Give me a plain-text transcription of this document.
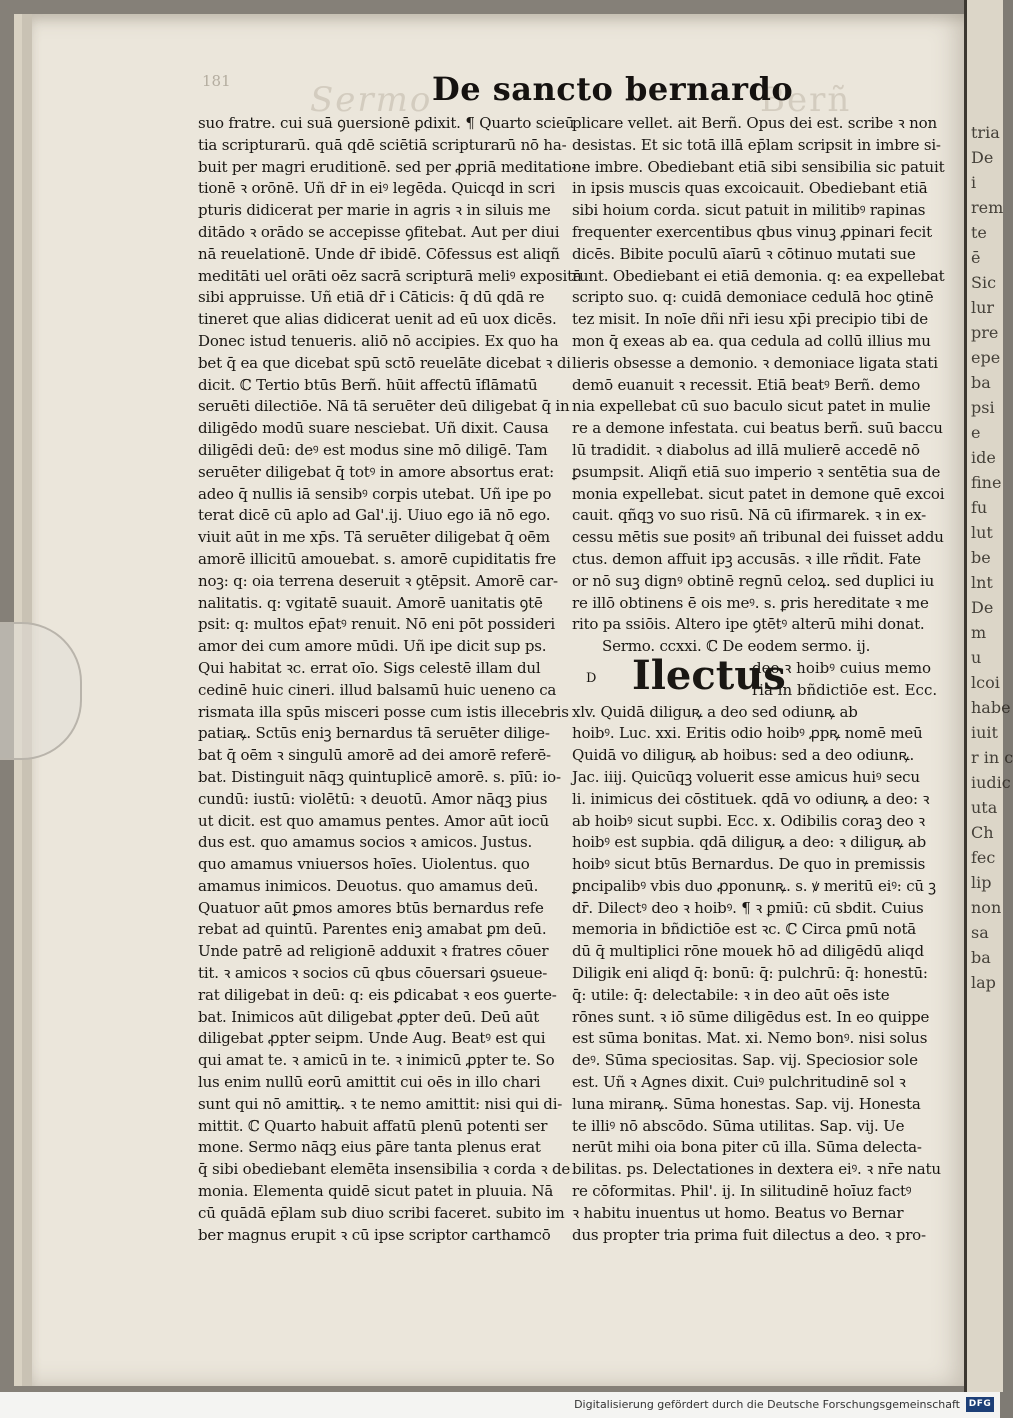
Sermo	Berñ
181	De sancto bernardo
suo fratre. cui suā ꝯuersionē ꝑdixit. ¶ Quarto scieū
tia scripturarū. quā qdē sciētiā scripturarū nō ha-
buit per magri eruditionē. sed per ꝓpriā meditatio-
tionē ꝛ orōnē. Uñ dr̄ in eiꝰ legēda. Quicqd in scri
pturis didicerat per marie in agris ꝛ in siluis me
ditādo ꝛ orādo se accepisse ꝯfitebat. Aut per diui
nā reuelationē. Unde dr̄ ibidē. Cōfessus est aliqñ
meditāti uel orāti oēz sacrā scripturā meliꝰ expositā
sibi appruisse. Uñ etiā dr̄ i Cāticis: q̄ dū qdā re
tineret que alias didicerat uenit ad eū uox dicēs.
Donec istud tenueris. aliō nō accipies. Ex quo ha
bet q̄ ea que dicebat spū sctō reuelāte dicebat ꝛ di
dicit. ℂ Tertio btūs Berñ. hūit affectū īflāmatū
seruēti dilectiōe. Nā tā seruēter deū diligebat q̄ in
diligēdo modū suare nesciebat. Uñ dixit. Causa
diligēdi deū: deꝰ est modus sine mō diligē. Tam
seruēter diligebat q̄ totꝰ in amore absortus erat:
adeo q̄ nullis iā sensibꝰ corpis utebat. Uñ ipe po
terat dicē cū aplo ad Gal'.ij. Uiuo ego iā nō ego.
viuit aūt in me xp̄s. Tā seruēter diligebat q̄ oēm
amorē illicitū amouebat. s. amorē cupiditatis fre
noꝫ: q: oia terrena deseruit ꝛ ꝯtēpsit. Amorē car-
nalitatis. q: vgitatē suauit. Amorē uanitatis ꝯtē
psit: q: multos ep̄atꝰ renuit. Nō eni pōt possideri
amor dei cum amore mūdi. Uñ ipe dicit sup ps.
Qui habitat ꝛc. errat oīo. Sigs celestē illam dul
cedinē huic cineri. illud balsamū huic ueneno ca
rismata illa spūs misceri posse cum istis illecebris
patiaꝶ. Sctūs eniꝫ bernardus tā seruēter dilige-
bat q̄ oēm ꝛ singulū amorē ad dei amorē referē-
bat. Distinguit nāqꝫ quintuplicē amorē. s. pīū: io-
cundū: iustū: violētū: ꝛ deuotū. Amor nāqꝫ pius
ut dicit. est quo amamus pentes. Amor aūt iocū
dus est. quo amamus socios ꝛ amicos. Justus.
quo amamus vniuersos hoīes. Uiolentus. quo
amamus inimicos. Deuotus. quo amamus deū.
Quatuor aūt ꝑmos amores btūs bernardus refe
rebat ad quintū. Parentes eniꝫ amabat ꝑm deū.
Unde patrē ad religionē adduxit ꝛ fratres cōuer
tit. ꝛ amicos ꝛ socios cū qbus cōuersari ꝯsueue-
rat diligebat in deū: q: eis ꝑdicabat ꝛ eos ꝯuerte-
bat. Inimicos aūt diligebat ꝓpter deū. Deū aūt
diligebat ꝓpter seipm. Unde Aug. Beatꝰ est qui
qui amat te. ꝛ amicū in te. ꝛ inimicū ꝓpter te. So
lus enim nullū eorū amittit cui oēs in illo chari
sunt qui nō amittiꝶ. ꝛ te nemo amittit: nisi qui di-
mittit. ℂ Quarto habuit affatū plenū potenti ser
mone. Sermo nāqꝫ eius ꝑāre tanta plenus erat
q̄ sibi obediebant elemēta insensibilia ꝛ corda ꝛ de
monia. Elementa quidē sicut patet in pluuia. Nā
cū quādā ep̄lam sub diuo scribi faceret. subito im
ber magnus erupit ꝛ cū ipse scriptor carthamcō
plicare vellet. ait Berñ. Opus dei est. scribe ꝛ non
desistas. Et sic totā illā ep̄lam scripsit in imbre si-
ne imbre. Obediebant etiā sibi sensibilia sic patuit
in ipsis muscis quas excoicauit. Obediebant etiā
sibi hoium corda. sicut patuit in militibꝰ rapinas
frequenter exercentibus qbus vinuꝫ ꝓpinari fecit
dicēs. Bibite poculū aīarū ꝛ cōtinuo mutati sue
runt. Obediebant ei etiā demonia. q: ea expellebat
scripto suo. q: cuidā demoniace cedulā hoc ꝯtinē
tez misit. In noīe dñi nr̄i iesu xp̄i precipio tibi de
mon q̄ exeas ab ea. qua cedula ad collū illius mu
lieris obsesse a demonio. ꝛ demoniace ligata stati
demō euanuit ꝛ recessit. Etiā beatꝰ Berñ. demo
nia expellebat cū suo baculo sicut patet in mulie
re a demone infestata. cui beatus berñ. suū baccu
lū tradidit. ꝛ diabolus ad illā mulierē accedē nō
ꝑsumpsit. Aliqñ etiā suo imperio ꝛ sentētia sua de
monia expellebat. sicut patet in demone quē excoi
cauit. qñqꝫ vo suo risū. Nā cū ifirmarek. ꝛ in ex-
cessu mētis sue positꝰ añ tribunal dei fuisset addu
ctus. demon affuit ipꝫ accusās. ꝛ ille rñdit. Fate
or nō suꝫ dignꝰ obtinē regnū celoꝝ. sed duplici iu
re illō obtinens ē ois meꝰ. s. ꝑris hereditate ꝛ me
rito pa ssiōis. Altero ipe ꝯtētꝰ alterū mihi donat.
Sermo. ccxxi. ℂ De eodem sermo. ij.
D Ilectus
deo ꝛ hoibꝰ cuius memo
ria in bñdictiōe est. Ecc.
xlv. Quidā diliguꝶ a deo sed odiunꝶ ab
hoibꝰ. Luc. xxi. Eritis odio hoibꝰ ꝓpꝶ nomē meū
Quidā vo diliguꝶ ab hoibus: sed a deo odiunꝶ.
Jac. iiij. Quicūqꝫ voluerit esse amicus huiꝰ secu
li. inimicus dei cōstituek. qdā vo odiunꝶ a deo: ꝛ
ab hoibꝰ sicut supbi. Ecc. x. Odibilis coraꝫ deo ꝛ
hoibꝰ est supbia. qdā diliguꝶ a deo: ꝛ diliguꝶ ab
hoibꝰ sicut btūs Bernardus. De quo in premissis
ꝑncipalibꝰ vbis duo ꝓponunꝶ. s. ꝟ meritū eiꝰ: cū ꝫ
dr̄. Dilectꝰ deo ꝛ hoibꝰ. ¶ ꝛ ꝑmiū: cū sbdit. Cuius
memoria in bñdictiōe est ꝛc. ℂ Circa ꝑmū notā
dū q̄ multiplici rōne mouek hō ad diligēdū aliqd
Diligik eni aliqd q̄: bonū: q̄: pulchrū: q̄: honestū:
q̄: utile: q̄: delectabile: ꝛ in deo aūt oēs iste
rōnes sunt. ꝛ iō sūme diligēdus est. In eo quippe
est sūma bonitas. Mat. xi. Nemo bonꝰ. nisi solus
deꝰ. Sūma speciositas. Sap. vij. Speciosior sole
est. Uñ ꝛ Agnes dixit. Cuiꝰ pulchritudinē sol ꝛ
luna miranꝶ. Sūma honestas. Sap. vij. Honesta
te illiꝰ nō abscōdo. Sūma utilitas. Sap. vij. Ue
nerūt mihi oia bona piter cū illa. Sūma delecta-
bilitas. ps. Delectationes in dextera eiꝰ. ꝛ nr̄e natu
re cōformitas. Phil'. ij. In silitudinē hoīuz factꝰ
ꝛ habitu inuentus ut homo. Beatus vo Bernar
dus propter tria prima fuit dilectus a deo. ꝛ pro-
tria
De
i
rem
te
ē
Sic
lur
pre
epe
ba
psi
e
ide
fine
fu
lut
be
lnt
De
m
u
lcoi
habe
iuit
r in c
iudic
uta
Ch
fec
lip
non
sa
ba
lap
Digitalisierung gefördert durch die Deutsche Forschungsgemeinschaft DFG
